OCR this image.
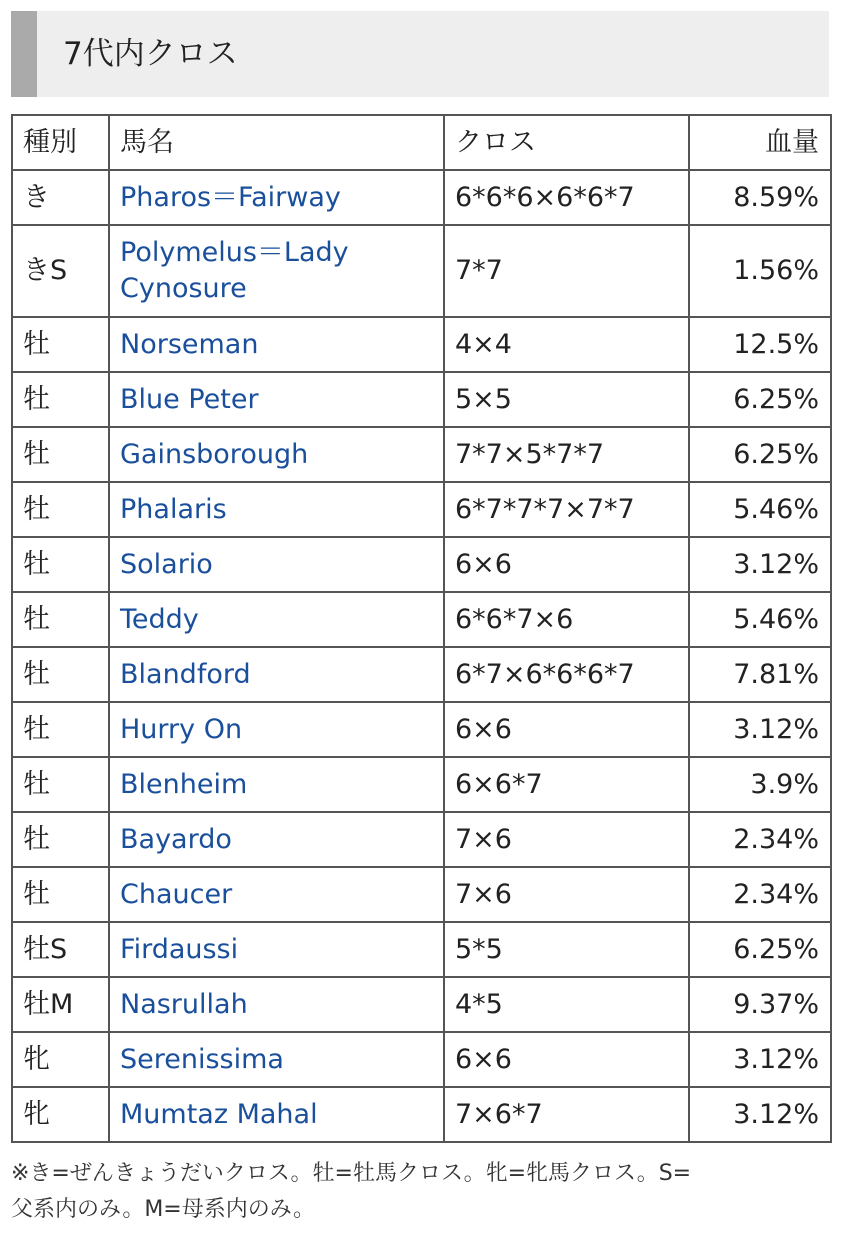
7代内クロス
種別	馬名	クロス	血量
き	Pharos＝Fairway	6*6*6×6*6*7	8.59%
きS	Polymelus＝Lady Cynosure	7*7	1.56%
牡	Norseman	4×4	12.5%
牡	Blue Peter	5×5	6.25%
牡	Gainsborough	7*7×5*7*7	6.25%
牡	Phalaris	6*7*7*7×7*7	5.46%
牡	Solario	6×6	3.12%
牡	Teddy	6*6*7×6	5.46%
牡	Blandford	6*7×6*6*6*7	7.81%
牡	Hurry On	6×6	3.12%
牡	Blenheim	6×6*7	3.9%
牡	Bayardo	7×6	2.34%
牡	Chaucer	7×6	2.34%
牡S	Firdaussi	5*5	6.25%
牡M	Nasrullah	4*5	9.37%
牝	Serenissima	6×6	3.12%
牝	Mumtaz Mahal	7×6*7	3.12%
※き=ぜんきょうだいクロス。牡=牡馬クロス。牝=牝馬クロス。S=
父系内のみ。M=母系内のみ。
